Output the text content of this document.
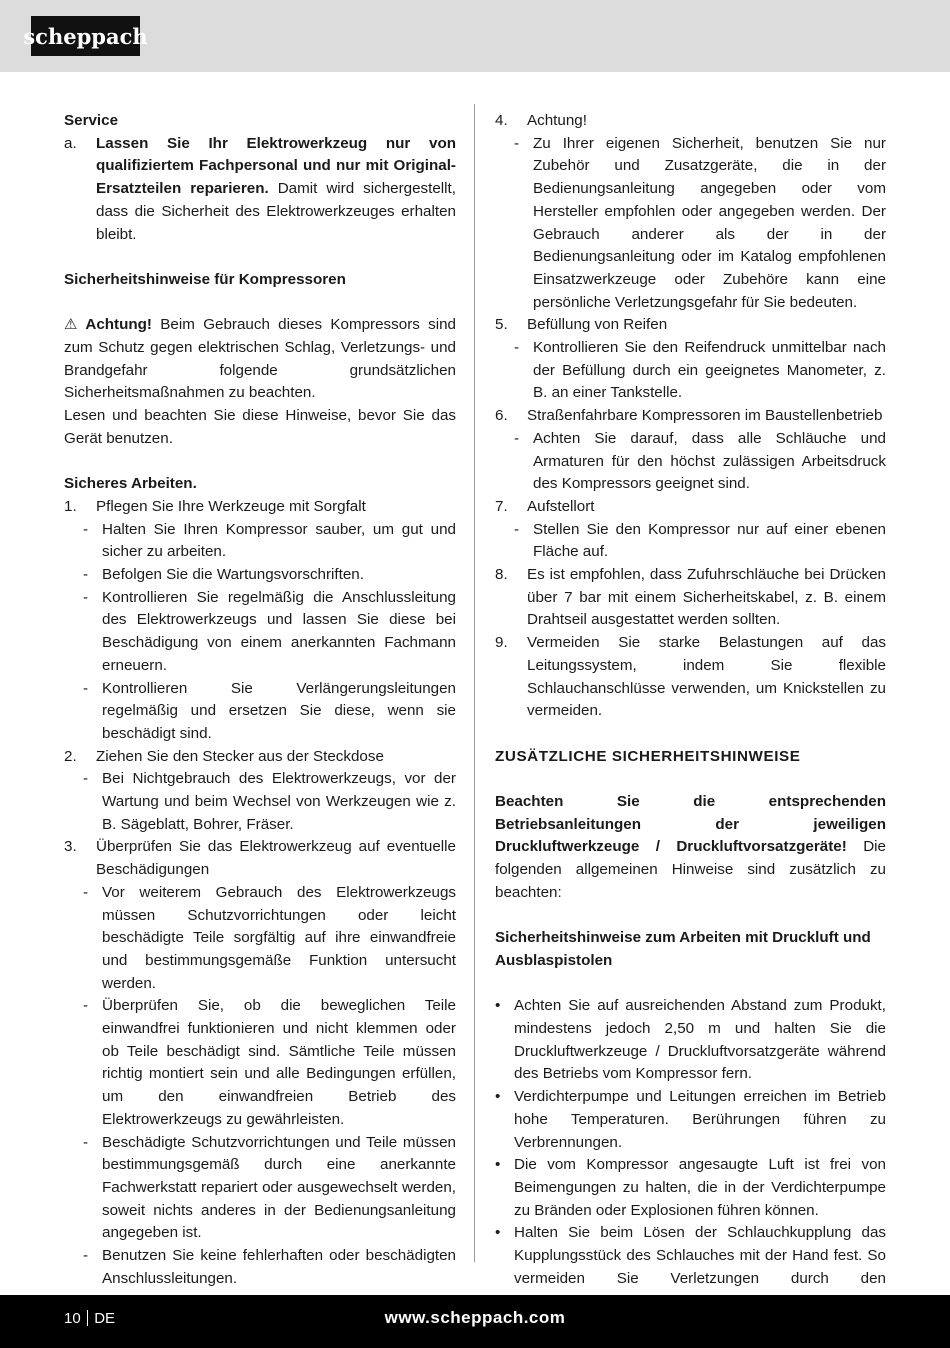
scheppach

Service

a.	Lassen Sie Ihr Elektrowerkzeug nur von qualifiziertem Fachpersonal und nur mit Original-Ersatzteilen reparieren. Damit wird sichergestellt, dass die Sicherheit des Elektrowerkzeuges erhalten bleibt.

Sicherheitshinweise für Kompressoren

⚠ Achtung! Beim Gebrauch dieses Kompressors sind zum Schutz gegen elektrischen Schlag, Verletzungs- und Brandgefahr folgende grundsätzlichen Sicherheitsmaßnahmen zu beachten.

Lesen und beachten Sie diese Hinweise, bevor Sie das Gerät benutzen.

Sicheres Arbeiten.

1.	Pflegen Sie Ihre Werkzeuge mit Sorgfalt
- Halten Sie Ihren Kompressor sauber, um gut und sicher zu arbeiten.
- Befolgen Sie die Wartungsvorschriften.
- Kontrollieren Sie regelmäßig die Anschlussleitung des Elektrowerkzeugs und lassen Sie diese bei Beschädigung von einem anerkannten Fachmann erneuern.
- Kontrollieren Sie Verlängerungsleitungen regelmäßig und ersetzen Sie diese, wenn sie beschädigt sind.
2.	Ziehen Sie den Stecker aus der Steckdose
- Bei Nichtgebrauch des Elektrowerkzeugs, vor der Wartung und beim Wechsel von Werkzeugen wie z. B. Sägeblatt, Bohrer, Fräser.
3.	Überprüfen Sie das Elektrowerkzeug auf eventuelle Beschädigungen
- Vor weiterem Gebrauch des Elektrowerkzeugs müssen Schutzvorrichtungen oder leicht beschädigte Teile sorgfältig auf ihre einwandfreie und bestimmungsgemäße Funktion untersucht werden.
- Überprüfen Sie, ob die beweglichen Teile einwandfrei funktionieren und nicht klemmen oder ob Teile beschädigt sind. Sämtliche Teile müssen richtig montiert sein und alle Bedingungen erfüllen, um den einwandfreien Betrieb des Elektrowerkzeugs zu gewährleisten.
- Beschädigte Schutzvorrichtungen und Teile müssen bestimmungsgemäß durch eine anerkannte Fachwerkstatt repariert oder ausgewechselt werden, soweit nichts anderes in der Bedienungsanleitung angegeben ist.
- Benutzen Sie keine fehlerhaften oder beschädigten Anschlussleitungen.
4.	Achtung!
- Zu Ihrer eigenen Sicherheit, benutzen Sie nur Zubehör und Zusatzgeräte, die in der Bedienungsanleitung angegeben oder vom Hersteller empfohlen oder angegeben werden. Der Gebrauch anderer als der in der Bedienungsanleitung oder im Katalog empfohlenen Einsatzwerkzeuge oder Zubehöre kann eine persönliche Verletzungsgefahr für Sie bedeuten.
5.	Befüllung von Reifen
- Kontrollieren Sie den Reifendruck unmittelbar nach der Befüllung durch ein geeignetes Manometer, z. B. an einer Tankstelle.
6.	Straßenfahrbare Kompressoren im Baustellenbetrieb
- Achten Sie darauf, dass alle Schläuche und Armaturen für den höchst zulässigen Arbeitsdruck des Kompressors geeignet sind.
7.	Aufstellort
- Stellen Sie den Kompressor nur auf einer ebenen Fläche auf.
8.	Es ist empfohlen, dass Zufuhrschläuche bei Drücken über 7 bar mit einem Sicherheitskabel, z. B. einem Drahtseil ausgestattet werden sollten.
9.	Vermeiden Sie starke Belastungen auf das Leitungssystem, indem Sie flexible Schlauchanschlüsse verwenden, um Knickstellen zu vermeiden.

ZUSÄTZLICHE SICHERHEITSHINWEISE

Beachten Sie die entsprechenden Betriebsanleitungen der jeweiligen Druckluftwerkzeuge / Druckluftvorsatzgeräte! Die folgenden allgemeinen Hinweise sind zusätzlich zu beachten:

Sicherheitshinweise zum Arbeiten mit Druckluft und Ausblaspistolen

• Achten Sie auf ausreichenden Abstand zum Produkt, mindestens jedoch 2,50 m und halten Sie die Druckluftwerkzeuge / Druckluftvorsatzgeräte während des Betriebs vom Kompressor fern.
• Verdichterpumpe und Leitungen erreichen im Betrieb hohe Temperaturen. Berührungen führen zu Verbrennungen.
• Die vom Kompressor angesaugte Luft ist frei von Beimengungen zu halten, die in der Verdichterpumpe zu Bränden oder Explosionen führen können.
• Halten Sie beim Lösen der Schlauchkupplung das Kupplungsstück des Schlauches mit der Hand fest. So vermeiden Sie Verletzungen durch den
10 DE	www.scheppach.com
